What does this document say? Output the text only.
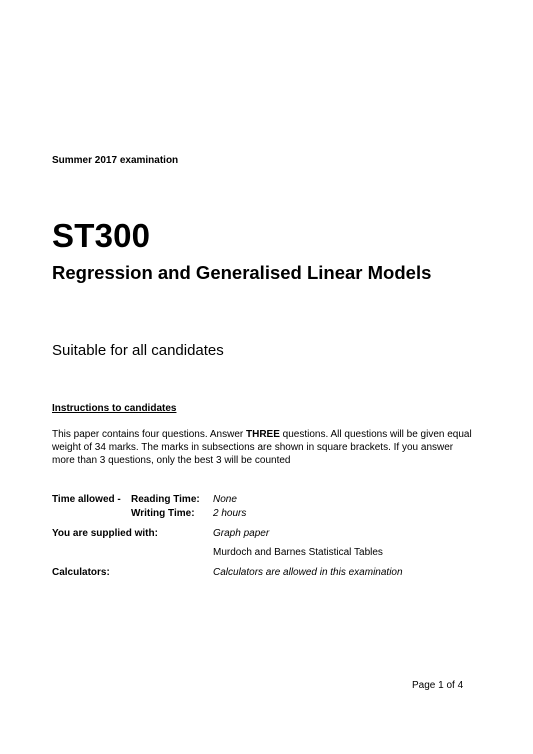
Summer 2017 examination
ST300
Regression and Generalised Linear Models
Suitable for all candidates
Instructions to candidates
This paper contains four questions. Answer THREE questions. All questions will be given equal weight of 34 marks. The marks in subsections are shown in square brackets. If you answer more than 3 questions, only the best 3 will be counted
Time allowed - Reading Time: None
Writing Time: 2 hours
You are supplied with:	Graph paper
Murdoch and Barnes Statistical Tables
Calculators:	Calculators are allowed in this examination
Page 1 of 4
